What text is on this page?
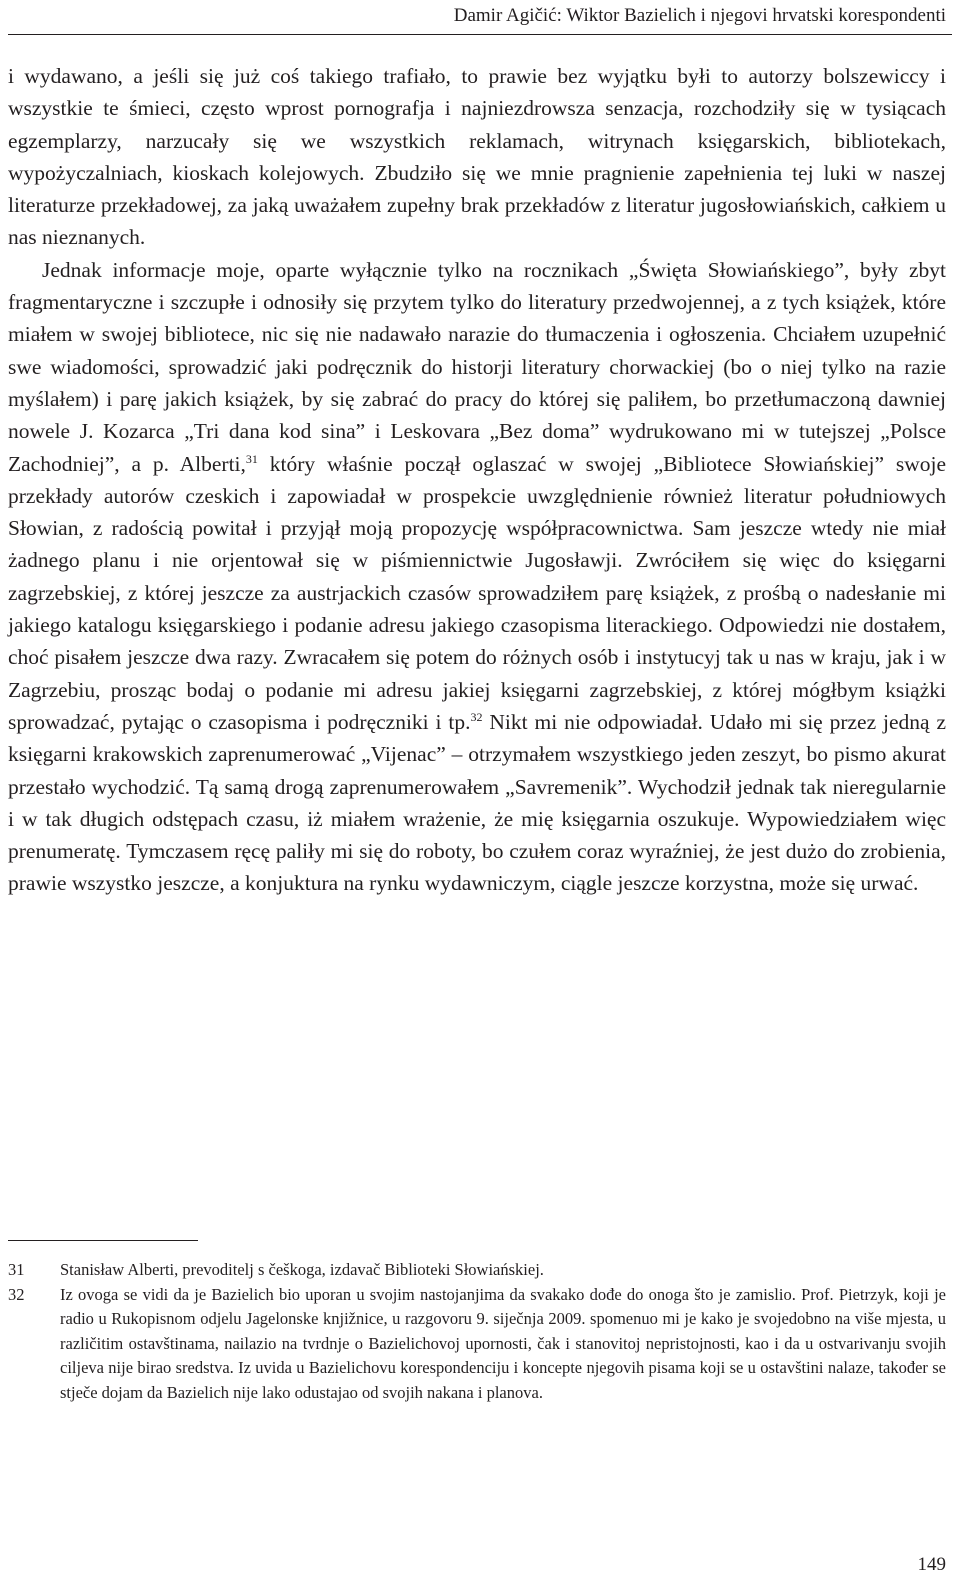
Damir Agičić: Wiktor Bazielich i njegovi hrvatski korespondenti

i wydawano, a jeśli się już coś takiego trafiało, to prawie bez wyjątku byłi to autorzy bolszewiccy i wszystkie te śmieci, często wprost pornografja i najniezdrowsza senzacja, rozchodziły się w tysiącach egzemplarzy, narzucały się we wszystkich reklamach, witrynach księgarskich, bibliotekach, wypożyczalniach, kioskach kolejowych. Zbudziło się we mnie pragnienie zapełnienia tej luki w naszej literaturze przekładowej, za jaką uważałem zupełny brak przekładów z literatur jugosłowiańskich, całkiem u nas nieznanych.

Jednak informacje moje, oparte wyłącznie tylko na rocznikach „Święta Słowiańskiego”, były zbyt fragmentaryczne i szczupłe i odnosiły się przytem tylko do literatury przedwojennej, a z tych książek, które miałem w swojej bibliotece, nic się nie nadawało narazie do tłumaczenia i ogłoszenia. Chciałem uzupełnić swe wiadomości, sprowadzić jaki podręcznik do historji literatury chorwackiej (bo o niej tylko na razie myślałem) i parę jakich książek, by się zabrać do pracy do której się paliłem, bo przetłumaczoną dawniej nowele J. Kozarca „Tri dana kod sina” i Leskovara „Bez doma” wydrukowano mi w tutejszej „Polsce Zachodniej”, a p. Alberti,$^{31}$ który właśnie począł oglaszać w swojej „Bibliotece Słowiańskiej” swoje przekłady autorów czeskich i zapowiadał w prospekcie uwzględnienie również literatur południowych Słowian, z radością powitał i przyjął moją propozycję współpracownictwa. Sam jeszcze wtedy nie miał żadnego planu i nie orjentował się w piśmiennictwie Jugosławji. Zwróciłem się więc do księgarni zagrzebskiej, z której jeszcze za austrjackich czasów sprowadziłem parę książek, z prośbą o nadesłanie mi jakiego katalogu księgarskiego i podanie adresu jakiego czasopisma literackiego. Odpowiedzi nie dostałem, choć pisałem jeszcze dwa razy. Zwracałem się potem do różnych osób i instytucyj tak u nas w kraju, jak i w Zagrzebiu, prosząc bodaj o podanie mi adresu jakiej księgarni zagrzebskiej, z której mógłbym książki sprowadzać, pytając o czasopisma i podręczniki i tp.$^{32}$ Nikt mi nie odpowiadał. Udało mi się przez jedną z księgarni krakowskich zaprenumerować „Vijenac” – otrzymałem wszystkiego jeden zeszyt, bo pismo akurat przestało wychodzić. Tą samą drogą zaprenumerowałem „Savremenik”. Wychodził jednak tak nieregularnie i w tak długich odstępach czasu, iż miałem wrażenie, że mię księgarnia oszukuje. Wypowiedziałem więc prenumeratę. Tymczasem ręcę paliły mi się do roboty, bo czułem coraz wyraźniej, że jest dużo do zrobienia, prawie wszystko jeszcze, a konjuktura na rynku wydawniczym, ciągle jeszcze korzystna, może się urwać.

31	Stanisław Alberti, prevoditelj s češkoga, izdavač Biblioteki Słowiańskiej.
32	Iz ovoga se vidi da je Bazielich bio uporan u svojim nastojanjima da svakako dođe do onoga što je zamislio. Prof. Pietrzyk, koji je radio u Rukopisnom odjelu Jagelonske knjižnice, u razgovoru 9. siječnja 2009. spomenuo mi je kako je svojedobno na više mjesta, u različitim ostavštinama, nailazio na tvrdnje o Bazielichovoj upornosti, čak i stanovitoj nepristojnosti, kao i da u ostvarivanju svojih ciljeva nije birao sredstva. Iz uvida u Bazielichovu korespondenciju i koncepte njegovih pisama koji se u ostavštini nalaze, također se stječe dojam da Bazielich nije lako odustajao od svojih nakana i planova.
149
